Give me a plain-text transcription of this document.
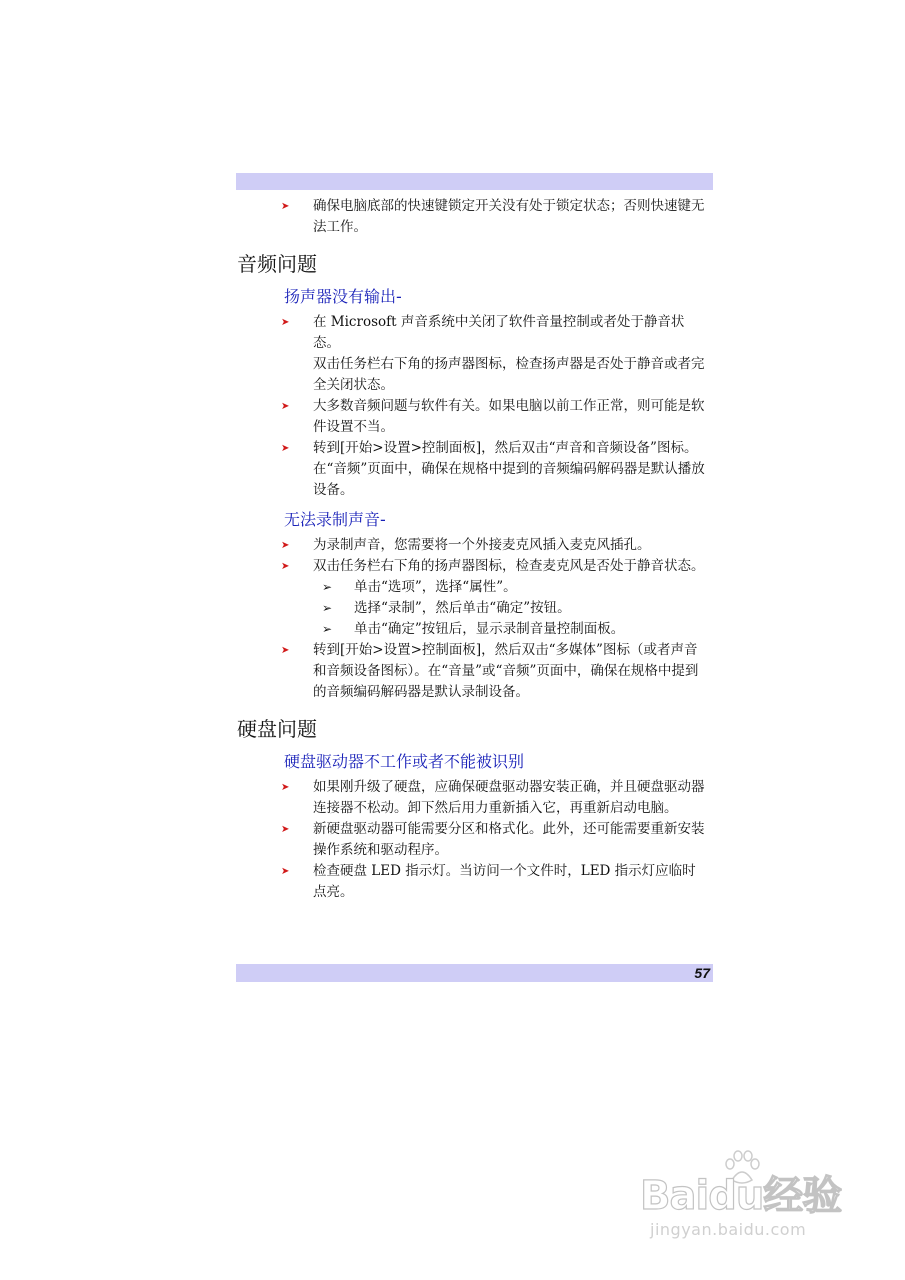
➤ 确保电脑底部的快速键锁定开关没有处于锁定状态；否则快速键无法工作。
音频问题
扬声器没有输出-
➤ 在 Microsoft 声音系统中关闭了软件音量控制或者处于静音状态。
双击任务栏右下角的扬声器图标，检查扬声器是否处于静音或者完全关闭状态。
➤ 大多数音频问题与软件有关。如果电脑以前工作正常，则可能是软件设置不当。
➤ 转到[开始>设置>控制面板]，然后双击“声音和音频设备”图标。在“音频”页面中，确保在规格中提到的音频编码解码器是默认播放设备。
无法录制声音-
➤ 为录制声音，您需要将一个外接麦克风插入麦克风插孔。
➤ 双击任务栏右下角的扬声器图标，检查麦克风是否处于静音状态。
➢ 单击“选项”，选择“属性”。
➢ 选择“录制”，然后单击“确定”按钮。
➢ 单击“确定”按钮后，显示录制音量控制面板。
➤ 转到[开始>设置>控制面板]，然后双击“多媒体”图标（或者声音和音频设备图标）。在“音量”或“音频”页面中，确保在规格中提到的音频编码解码器是默认录制设备。
硬盘问题
硬盘驱动器不工作或者不能被识别
➤ 如果刚升级了硬盘，应确保硬盘驱动器安装正确，并且硬盘驱动器连接器不松动。卸下然后用力重新插入它，再重新启动电脑。
➤ 新硬盘驱动器可能需要分区和格式化。此外，还可能需要重新安装操作系统和驱动程序。
➤ 检查硬盘 LED 指示灯。当访问一个文件时，LED 指示灯应临时点亮。
57
Baidu经验
jingyan.baidu.com
